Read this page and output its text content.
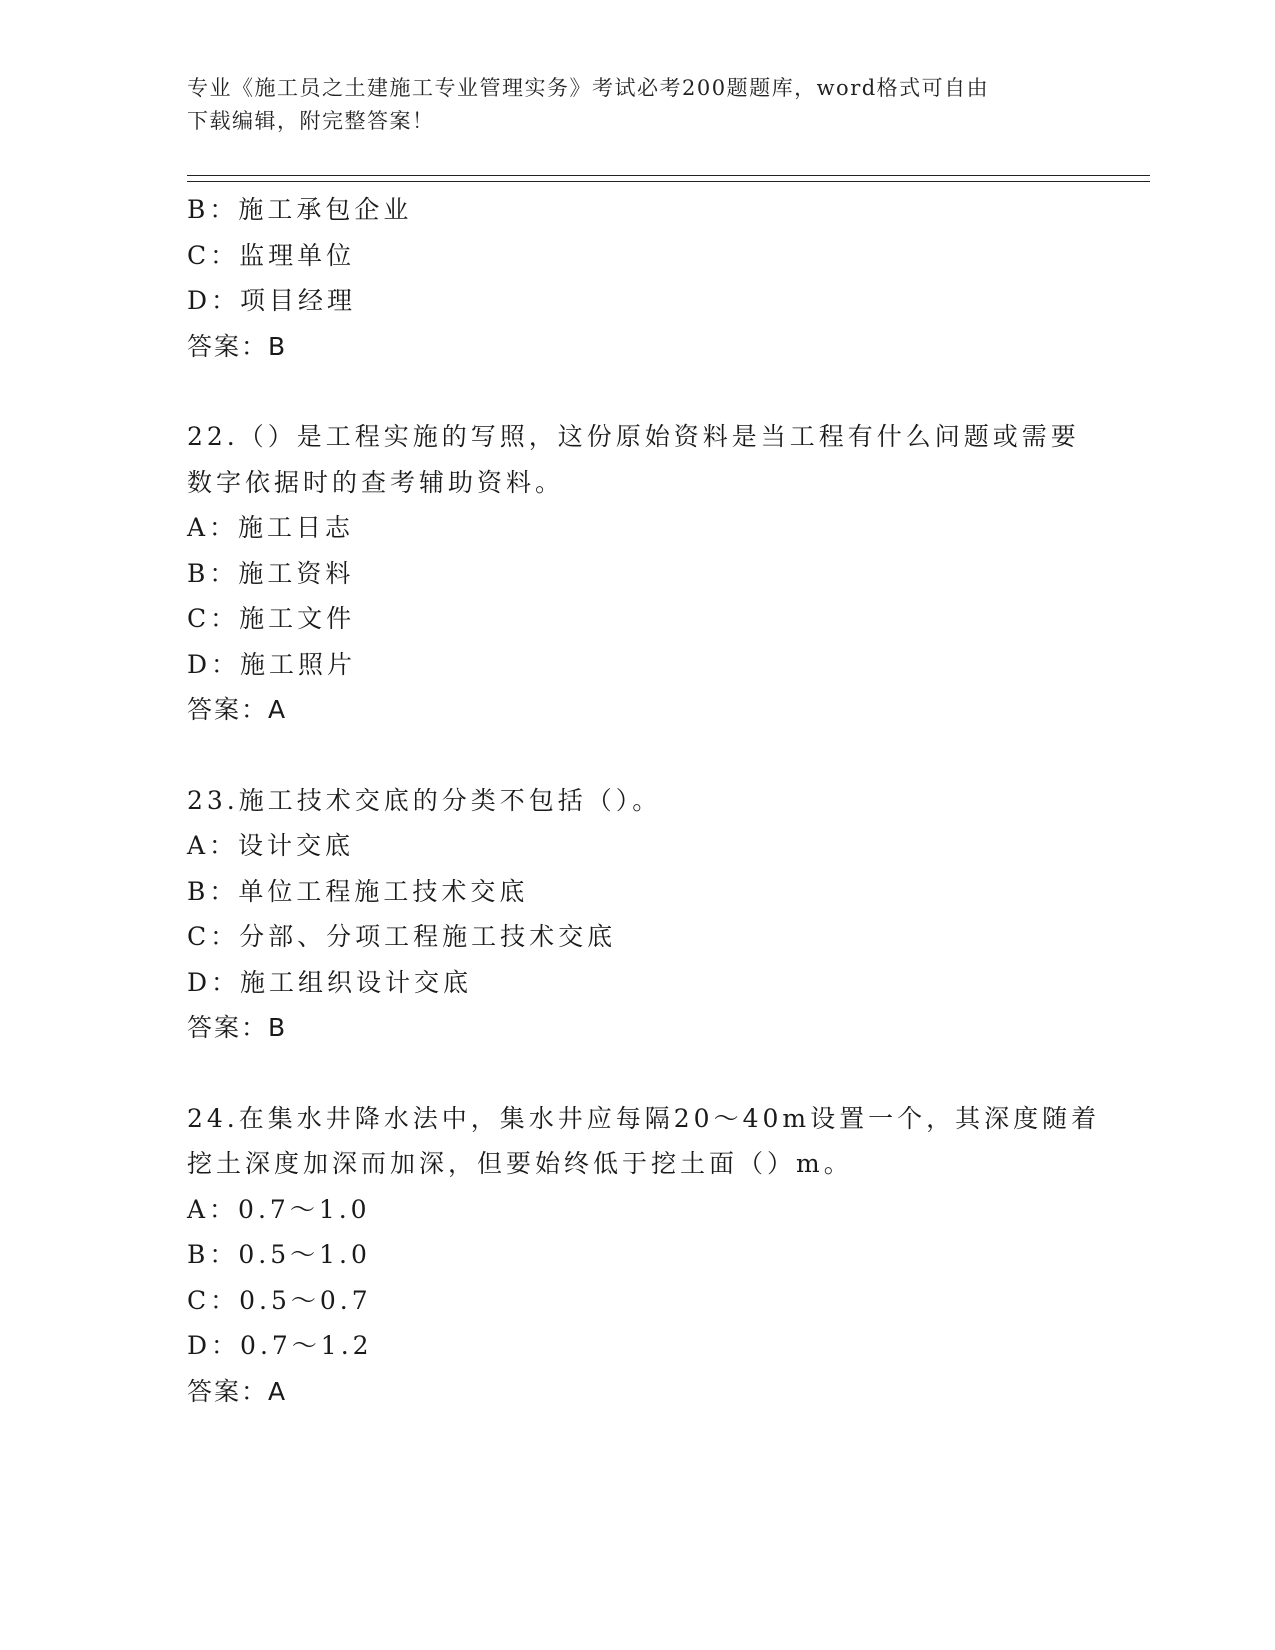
专业《施工员之土建施工专业管理实务》考试必考200题题库，word格式可自由
下载编辑，附完整答案！
B：施工承包企业
C：监理单位
D：项目经理
答案：B
22.（）是工程实施的写照，这份原始资料是当工程有什么问题或需要
数字依据时的查考辅助资料。
A：施工日志
B：施工资料
C：施工文件
D：施工照片
答案：A
23.施工技术交底的分类不包括（）。
A：设计交底
B：单位工程施工技术交底
C：分部、分项工程施工技术交底
D：施工组织设计交底
答案：B
24.在集水井降水法中，集水井应每隔20～40m设置一个，其深度随着
挖土深度加深而加深，但要始终低于挖土面（）m。
A：0.7～1.0
B：0.5～1.0
C：0.5～0.7
D：0.7～1.2
答案：A
